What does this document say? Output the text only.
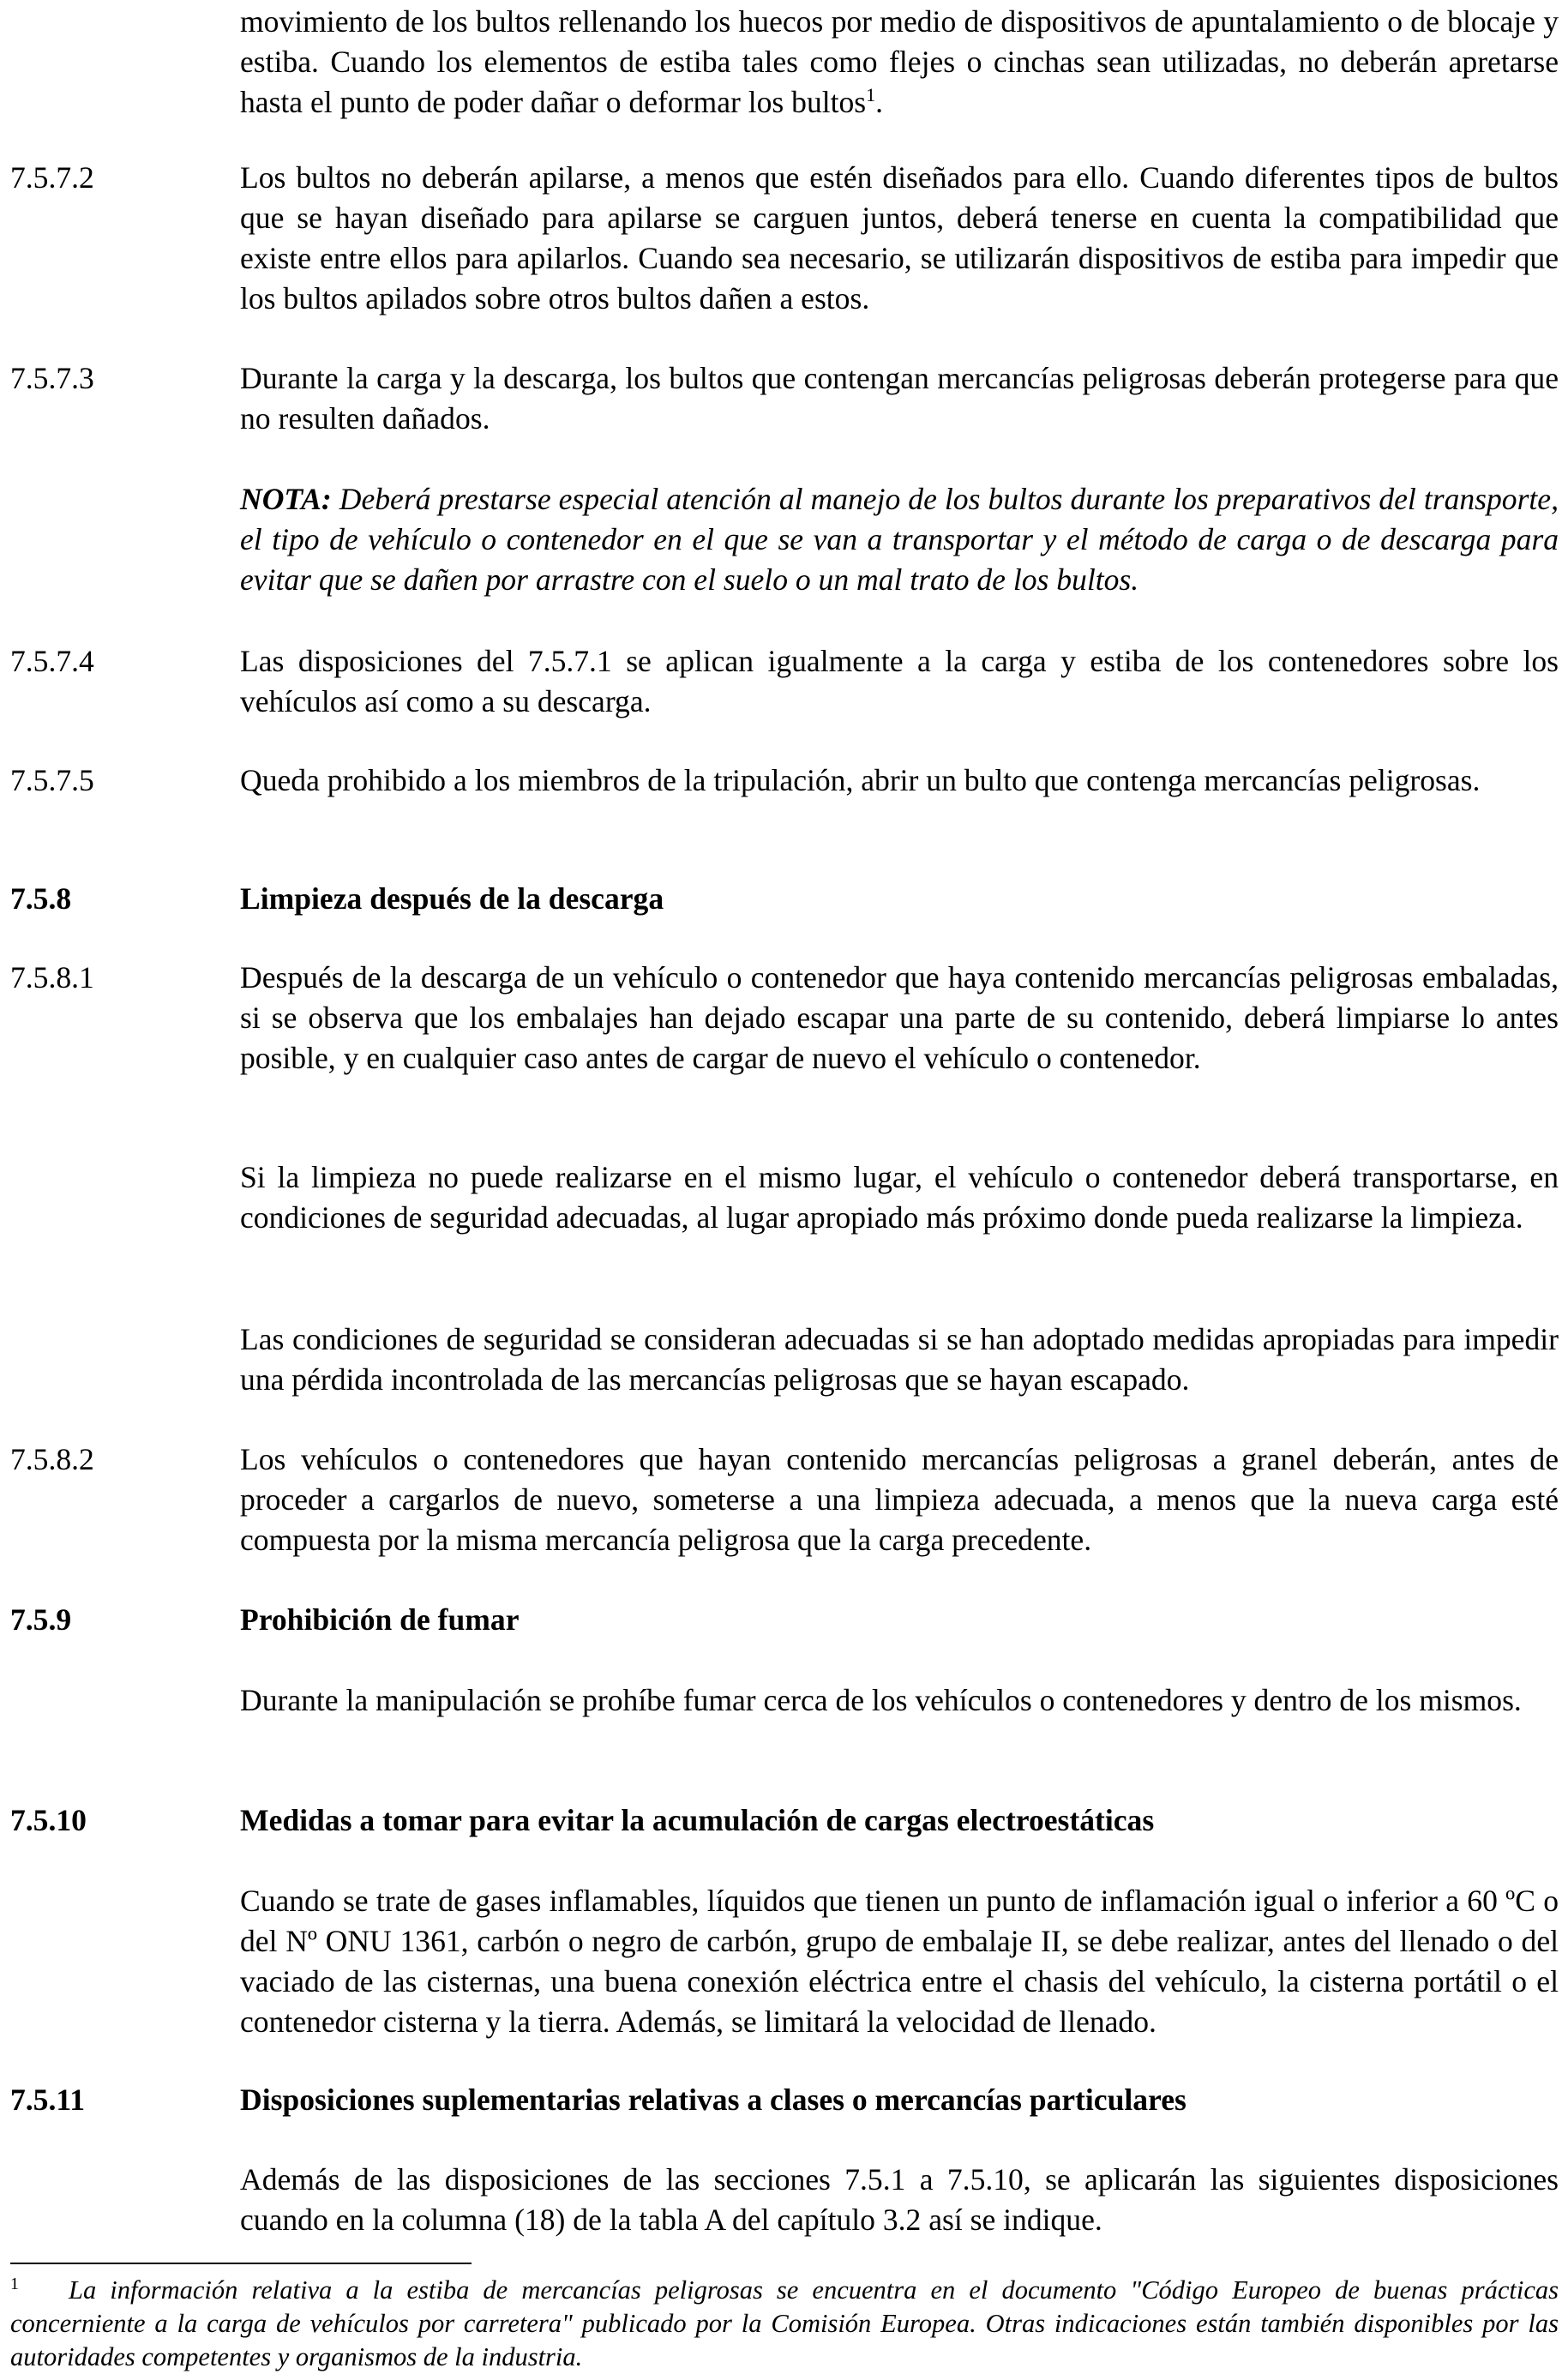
movimiento de los bultos rellenando los huecos por medio de dispositivos de apuntalamiento o de blocaje y estiba. Cuando los elementos de estiba tales como flejes o cinchas sean utilizadas, no deberán apretarse hasta el punto de poder dañar o deformar los bultos$^1$.

7.5.7.2	Los bultos no deberán apilarse, a menos que estén diseñados para ello. Cuando diferentes tipos de bultos que se hayan diseñado para apilarse se carguen juntos, deberá tenerse en cuenta la compatibilidad que existe entre ellos para apilarlos. Cuando sea necesario, se utilizarán dispositivos de estiba para impedir que los bultos apilados sobre otros bultos dañen a estos.

7.5.7.3	Durante la carga y la descarga, los bultos que contengan mercancías peligrosas deberán protegerse para que no resulten dañados.

NOTA: Deberá prestarse especial atención al manejo de los bultos durante los preparativos del transporte, el tipo de vehículo o contenedor en el que se van a transportar y el método de carga o de descarga para evitar que se dañen por arrastre con el suelo o un mal trato de los bultos.

7.5.7.4	Las disposiciones del 7.5.7.1 se aplican igualmente a la carga y estiba de los contenedores sobre los vehículos así como a su descarga.

7.5.7.5	Queda prohibido a los miembros de la tripulación, abrir un bulto que contenga mercancías peligrosas.

7.5.8	Limpieza después de la descarga

7.5.8.1	Después de la descarga de un vehículo o contenedor que haya contenido mercancías peligrosas embaladas, si se observa que los embalajes han dejado escapar una parte de su contenido, deberá limpiarse lo antes posible, y en cualquier caso antes de cargar de nuevo el vehículo o contenedor.

Si la limpieza no puede realizarse en el mismo lugar, el vehículo o contenedor deberá transportarse, en condiciones de seguridad adecuadas, al lugar apropiado más próximo donde pueda realizarse la limpieza.

Las condiciones de seguridad se consideran adecuadas si se han adoptado medidas apropiadas para impedir una pérdida incontrolada de las mercancías peligrosas que se hayan escapado.

7.5.8.2	Los vehículos o contenedores que hayan contenido mercancías peligrosas a granel deberán, antes de proceder a cargarlos de nuevo, someterse a una limpieza adecuada, a menos que la nueva carga esté compuesta por la misma mercancía peligrosa que la carga precedente.

7.5.9	Prohibición de fumar

Durante la manipulación se prohíbe fumar cerca de los vehículos o contenedores y dentro de los mismos.

7.5.10	Medidas a tomar para evitar la acumulación de cargas electroestáticas

Cuando se trate de gases inflamables, líquidos que tienen un punto de inflamación igual o inferior a 60 ºC o del Nº ONU 1361, carbón o negro de carbón, grupo de embalaje II, se debe realizar, antes del llenado o del vaciado de las cisternas, una buena conexión eléctrica entre el chasis del vehículo, la cisterna portátil o el contenedor cisterna y la tierra. Además, se limitará la velocidad de llenado.

7.5.11	Disposiciones suplementarias relativas a clases o mercancías particulares

Además de las disposiciones de las secciones 7.5.1 a 7.5.10, se aplicarán las siguientes disposiciones cuando en la columna (18) de la tabla A del capítulo 3.2 así se indique.

$^1$ La información relativa a la estiba de mercancías peligrosas se encuentra en el documento "Código Europeo de buenas prácticas concerniente a la carga de vehículos por carretera" publicado por la Comisión Europea. Otras indicaciones están también disponibles por las autoridades competentes y organismos de la industria.
